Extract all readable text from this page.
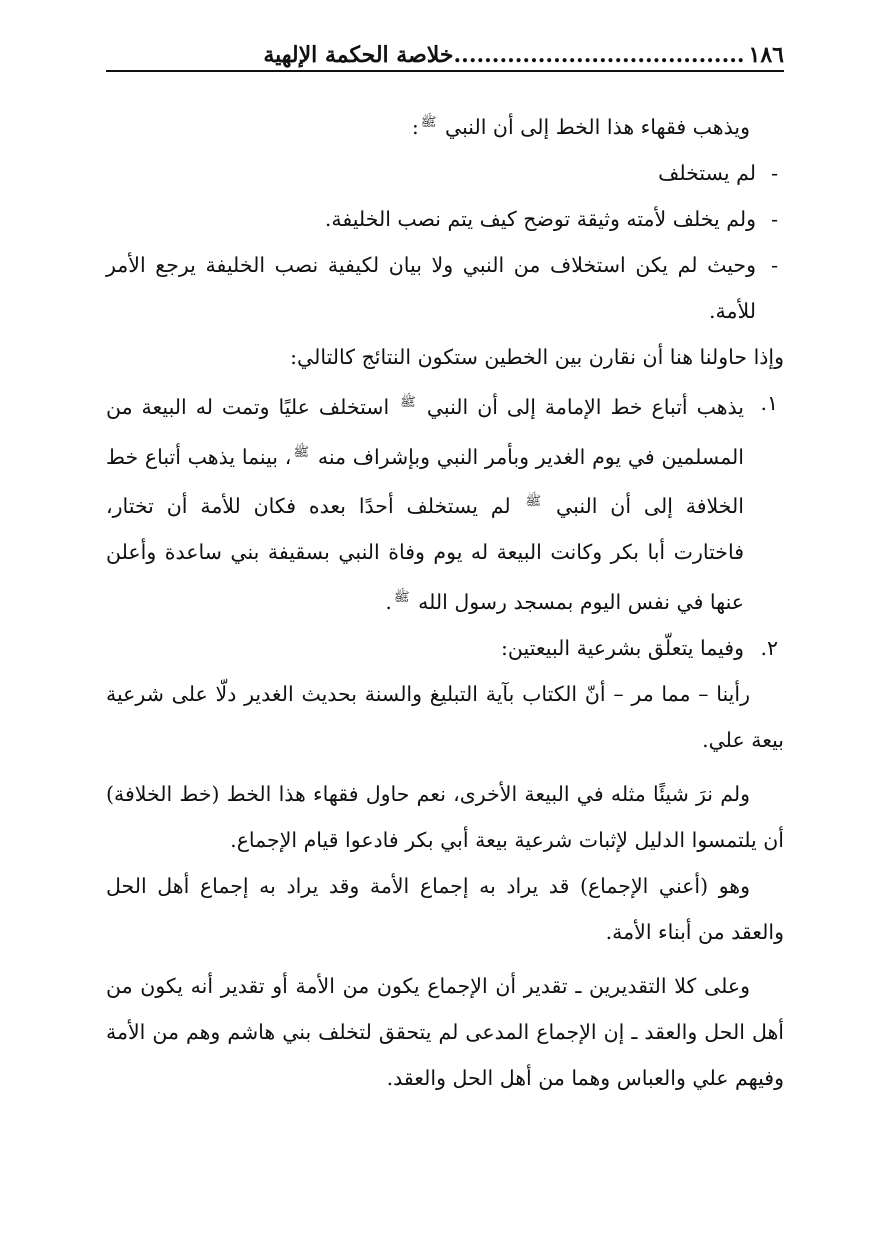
١٨٦
......................................خلاصة الحكمة الإلهية

ويذهب فقهاء هذا الخط إلى أن النبي $^ﷺ$:

-
لم يستخلف
-
ولم يخلف لأمته وثيقة توضح كيف يتم نصب الخليفة.
-
وحيث لم يكن استخلاف من النبي ولا بيان لكيفية نصب الخليفة يرجع الأمر للأمة.

وإذا حاولنا هنا أن نقارن بين الخطين ستكون النتائج كالتالي:

١.
يذهب أتباع خط الإمامة إلى أن النبي $^ﷺ$ استخلف عليًا وتمت له البيعة من المسلمين في يوم الغدير وبأمر النبي وبإشراف منه $^ﷺ$، بينما يذهب أتباع خط الخلافة إلى أن النبي $^ﷺ$ لم يستخلف أحدًا بعده فكان للأمة أن تختار، فاختارت أبا بكر وكانت البيعة له يوم وفاة النبي بسقيفة بني ساعدة وأعلن عنها في نفس اليوم بمسجد رسول الله $^ﷺ$.
٢.
وفيما يتعلّق بشرعية البيعتين:

رأينا – مما مر – أنّ الكتاب بآية التبليغ والسنة بحديث الغدير دلّا على شرعية بيعة علي.

ولم نرَ شيئًا مثله في البيعة الأخرى، نعم حاول فقهاء هذا الخط (خط الخلافة) أن يلتمسوا الدليل لإثبات شرعية بيعة أبي بكر فادعوا قيام الإجماع.

وهو (أعني الإجماع) قد يراد به إجماع الأمة وقد يراد به إجماع أهل الحل والعقد من أبناء الأمة.

وعلى كلا التقديرين ـ تقدير أن الإجماع يكون من الأمة أو تقدير أنه يكون من أهل الحل والعقد ـ إن الإجماع المدعى لم يتحقق لتخلف بني هاشم وهم من الأمة وفيهم علي والعباس وهما من أهل الحل والعقد.
